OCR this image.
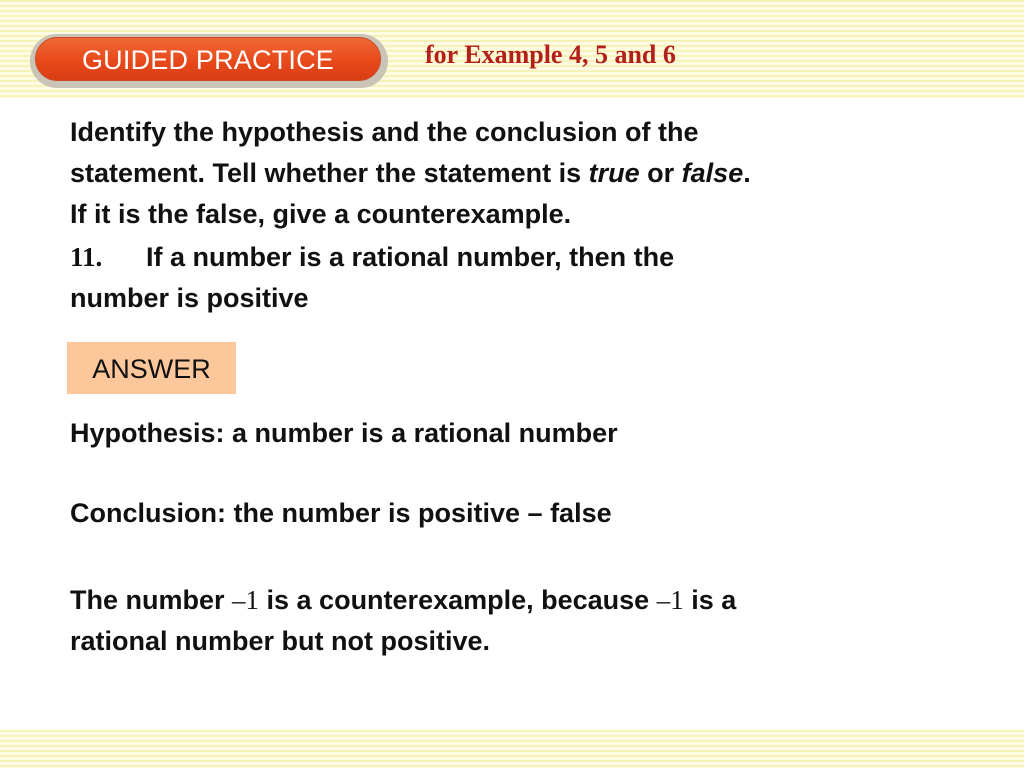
GUIDED PRACTICE	for Example 4, 5 and 6
Identify the hypothesis and the conclusion of the
statement. Tell whether the statement is true or false.
If it is the false, give a counterexample.
11. If a number is a rational number, then the
number is positive
ANSWER
Hypothesis: a number is a rational number
Conclusion: the number is positive – false
The number –1 is a counterexample, because –1 is a
rational number but not positive.
